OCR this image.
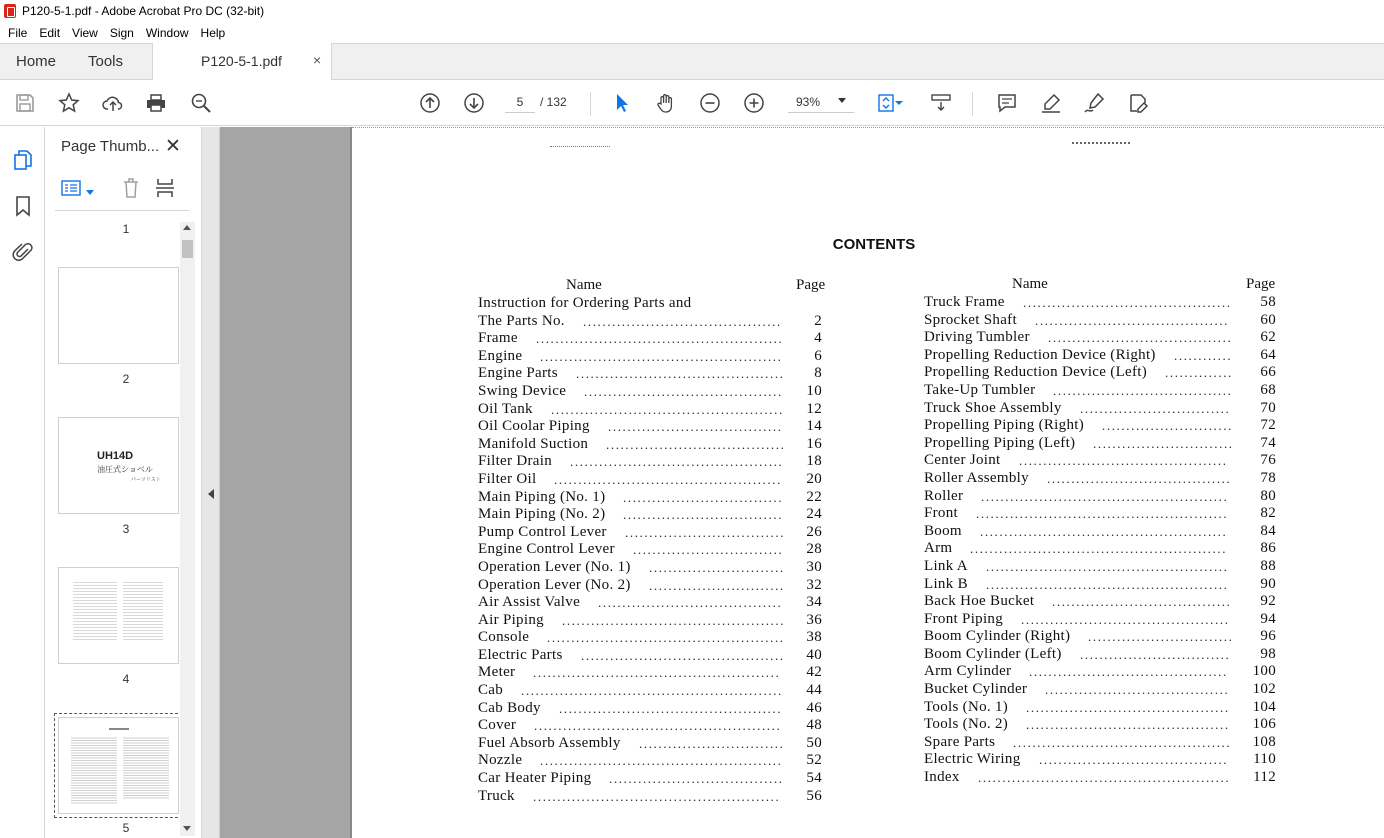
P120-5-1.pdf - Adobe Acrobat Pro DC (32-bit)
File Edit View Sign Window Help
Home Tools	P120-5-1.pdf ×
5
/ 132	93%
Page Thumb... ✕
1
2
UH14D
油圧式ショベル
パーツリスト
3
4
5
CONTENTS
Name	Page
Instruction for Ordering Parts and
The Parts No.	2
.........................................
Frame	4
...................................................
Engine	6
..................................................
Engine Parts	8
...........................................
Swing Device	10
.........................................
Oil Tank	12
................................................
Oil Coolar Piping	14
....................................
Manifold Suction	16
.....................................
Filter Drain	18
............................................
Filter Oil	20
...............................................
Main Piping (No. 1)	22
.................................
Main Piping (No. 2)	24
.................................
Pump Control Lever	26
.................................
Engine Control Lever	28
...............................
Operation Lever (No. 1)	30
............................
Operation Lever (No. 2)	32
............................
Air Assist Valve	34
......................................
Air Piping	36
..............................................
Console	38
.................................................
Electric Parts	40
..........................................
Meter	42
...................................................
Cab	44
......................................................
Cab Body	46
..............................................
Cover	48
...................................................
Fuel Absorb Assembly	50
..............................
Nozzle	52
..................................................
Car Heater Piping	54
....................................
Truck	56
...................................................
Name	Page
Truck Frame	58
...........................................
Sprocket Shaft	60
........................................
Driving Tumbler	62
......................................
Propelling Reduction Device (Right)	64
............
Propelling Reduction Device (Left)	66
..............
Take-Up Tumbler	68
.....................................
Truck Shoe Assembly	70
...............................
Propelling Piping (Right)	72
...........................
Propelling Piping (Left)	74
.............................
Center Joint	76
...........................................
Roller Assembly	78
......................................
Roller	80
...................................................
Front	82
....................................................
Boom	84
...................................................
Arm	86
.....................................................
Link A	88
..................................................
Link B	90
..................................................
Back Hoe Bucket	92
.....................................
Front Piping	94
...........................................
Boom Cylinder (Right)	96
..............................
Boom Cylinder (Left)	98
...............................
Arm Cylinder	100
.........................................
Bucket Cylinder	102
......................................
Tools (No. 1)	104
..........................................
Tools (No. 2)	106
..........................................
Spare Parts	108
.............................................
Electric Wiring	110
.......................................
Index	112
....................................................
